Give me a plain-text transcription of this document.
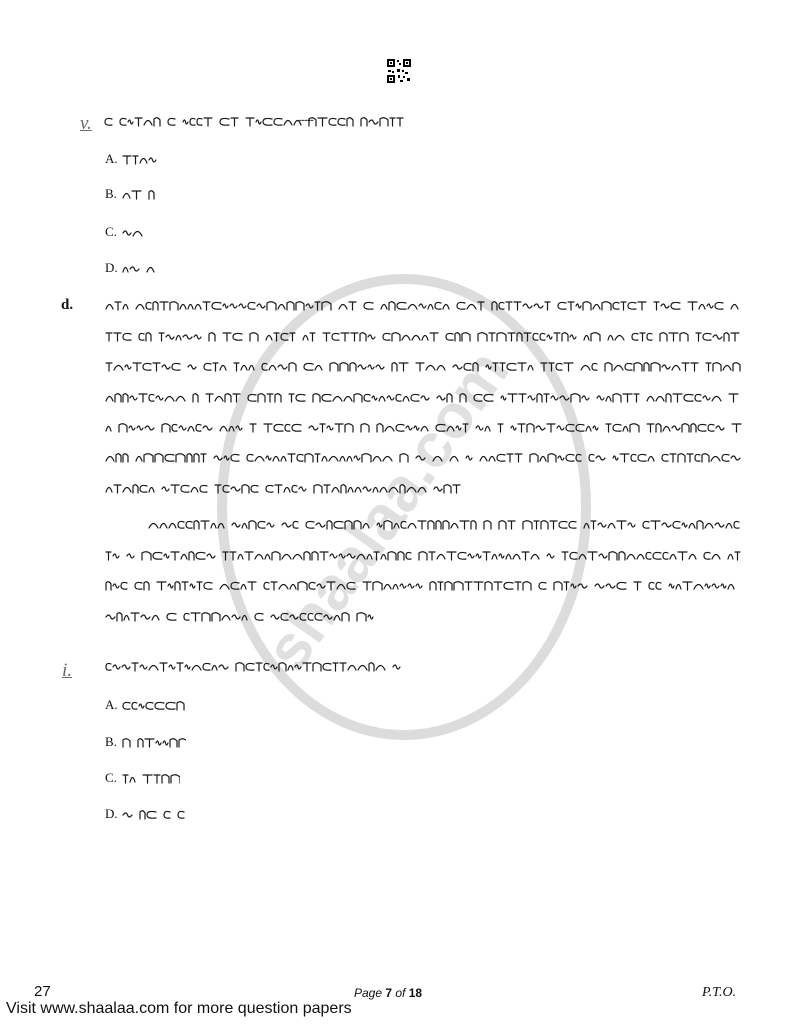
shaalaa.com
v.	..........
A.
B.
C.
D.
d.
i.
A.
B.
C.
D.
27	Page 7 of 18	P.T.O.
Visit www.shaalaa.com for more question papers
